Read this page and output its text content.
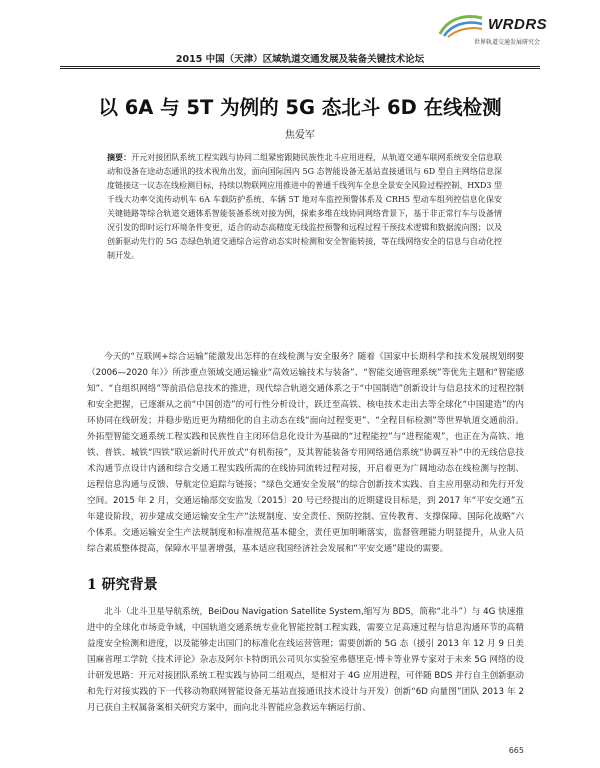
WRDRS
世界轨道交通发展研究会
2015 中国（天津）区域轨道交通发展及装备关键技术论坛
以 6A 与 5T 为例的 5G 态北斗 6D 在线检测
焦爱军

摘要：开元对接团队系统工程实践与协同二组紧密跟随民族性北斗应用进程，从轨道交通车联网系统安全信息联动和设备在途动态通讯的技术视角出发，面向国际国内 5G 态智能设备无基站直接通讯与 6D 型自主网络信息深度链接这一议态在线检测目标，持续以物联网应用推进中的普通千线列车全息全景安全风险过程控制、HXD3 型千线大功率交流传动机车 6A 车载防护系统、车辆 5T 地对车监控预警体系及 CRH5 型动车组列控信息化保安关键链路等综合轨道交通体系智能装备系统对接为例，探索多维在线协同网络背景下，基于非正常行车与设备情况引发的即时运行环境条件变更，适合的动态高精度无线监控预警和远程过程干预技术逻辑和数据流向图；以及创新驱动先行的 5G 态绿色轨道交通综合运营动态实时检测和安全智能转接，等在线网络安全的信息与自动化控制开发。

今天的“互联网+综合运输”能激发出怎样的在线检测与安全服务？随着《国家中长期科学和技术发展规划纲要（2006—2020 年）》所涉重点领域交通运输业“高效运输技术与装备”、“智能交通管理系统”等优先主题和“智能感知”、“自组织网络”等前沿信息技术的推进，现代综合轨道交通体系之于“中国制造”创新设计与信息技术的过程控制和安全把握，已逐渐从之前“中国创造”的可行性分析设计，跃迁至高铁、核电技术走出去等全球化“中国建造”的内环协同在线研发；并稳步贴近更为精细化的自主动态在线“面向过程变更”、“全程目标检测”等世界轨道交通前沿。外拓型智能交通系统工程实践和民族性自主闭环信息化设计为基础的“过程能控”与“进程能观”，也正在为高铁、地铁、普铁、城铁“四铁”联运新时代开放式“有机衔接”，及其智能装备专用网络通信系统“协调互补”中的无线信息技术沟通节点设计内涵和综合交通工程实践所需的在线协同流转过程对接，开启着更为广阔地动态在线检测与控制、远程信息沟通与反馈、导航定位追踪与链接；“绿色交通安全发展”的综合创新技术实践、自主应用驱动和先行开发空间。2015 年 2 月，交通运输部交安监发〔2015〕20 号已经提出的近期建设目标是，到 2017 年“平安交通”五年建设阶段，初步建成交通运输安全生产“法规制度、安全责任、预防控制、宣传教育、支撑保障、国际化战略”六个体系。交通运输安全生产法规制度和标准规范基本健全，责任更加明晰落实，监督管理能力明显提升，从业人员综合素质整体提高，保障水平显著增强，基本适应我国经济社会发展和“平安交通”建设的需要。

1 研究背景

北斗（北斗卫星导航系统，BeiDou Navigation Satellite System,缩写为 BDS，简称“北斗”）与 4G 快速推进中的全球化市场竞争域，中国轨道交通系统专业化智能控制工程实践，需要立足高速过程与信息沟通环节的高精益度安全检测和进度，以及能够走出国门的标准化在线运营管理；需要创新的 5G 态（援引 2013 年 12 月 9 日美国麻省理工学院《技术评论》杂志及阿尔卡特朗讯公司贝尔实验室弗德里克·博卡等业界专家对于未来 5G 网络的设计研发思路：开元对接团队系统工程实践与协同二组观点，是相对于 4G 应用进程，可伴随 BDS 并行自主创新驱动和先行对接实践的下一代移动物联网智能设备无基站直接通讯技术设计与开发）创新“6D 向量图”团队 2013 年 2 月已获自主权属备案相关研究方案中，面向北斗智能应急救运车辆运行前、

665
